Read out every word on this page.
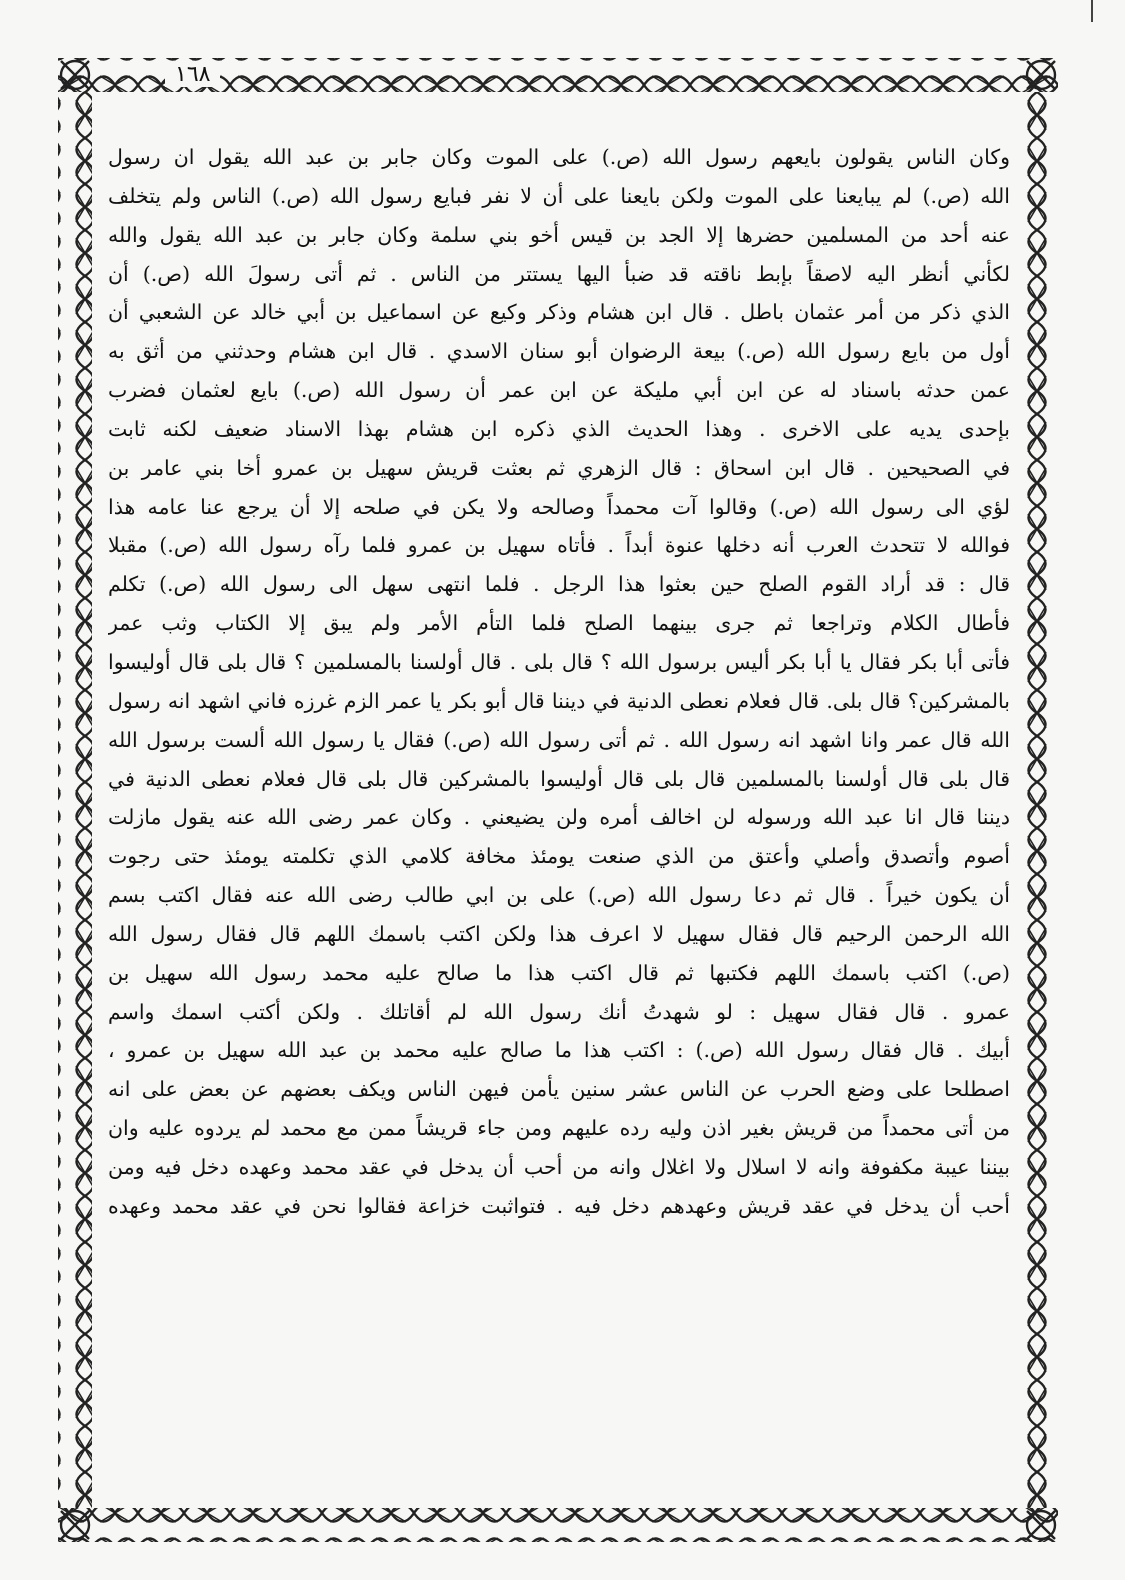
١٦٨
وكان الناس يقولون بايعهم رسول الله (ص.) على الموت وكان جابر بن عبد الله يقول ان رسول
الله (ص.) لم يبايعنا على الموت ولكن بايعنا على أن لا نفر فبايع رسول الله (ص.) الناس ولم يتخلف
عنه أحد من المسلمين حضرها إلا الجد بن قيس أخو بني سلمة وكان جابر بن عبد الله يقول والله
لكأني أنظر اليه لاصقاً بإبط ناقته قد ضبأ اليها يستتر من الناس . ثم أتى رسولَ الله (ص.) أن
الذي ذكر من أمر عثمان باطل . قال ابن هشام وذكر وكيع عن اسماعيل بن أبي خالد عن الشعبي أن
أول من بايع رسول الله (ص.) بيعة الرضوان أبو سنان الاسدي . قال ابن هشام وحدثني من أثق به
عمن حدثه باسناد له عن ابن أبي مليكة عن ابن عمر أن رسول الله (ص.) بايع لعثمان فضرب
بإحدى يديه على الاخرى . وهذا الحديث الذي ذكره ابن هشام بهذا الاسناد ضعيف لكنه ثابت
في الصحيحين . قال ابن اسحاق : قال الزهري ثم بعثت قريش سهيل بن عمرو أخا بني عامر بن
لؤي الى رسول الله (ص.) وقالوا آت محمداً وصالحه ولا يكن في صلحه إلا أن يرجع عنا عامه هذا
فوالله لا تتحدث العرب أنه دخلها عنوة أبداً . فأتاه سهيل بن عمرو فلما رآه رسول الله (ص.) مقبلا
قال : قد أراد القوم الصلح حين بعثوا هذا الرجل . فلما انتهى سهل الى رسول الله (ص.) تكلم
فأطال الكلام وتراجعا ثم جرى بينهما الصلح فلما التأم الأمر ولم يبق إلا الكتاب وثب عمر
فأتى أبا بكر فقال يا أبا بكر أليس برسول الله ؟ قال بلى . قال أولسنا بالمسلمين ؟ قال بلى قال أوليسوا
بالمشركين؟ قال بلى. قال فعلام نعطى الدنية في ديننا قال أبو بكر يا عمر الزم غرزه فاني اشهد انه رسول
الله قال عمر وانا اشهد انه رسول الله . ثم أتى رسول الله (ص.) فقال يا رسول الله ألست برسول الله
قال بلى قال أولسنا بالمسلمين قال بلى قال أوليسوا بالمشركين قال بلى قال فعلام نعطى الدنية في
ديننا قال انا عبد الله ورسوله لن اخالف أمره ولن يضيعني . وكان عمر رضى الله عنه يقول مازلت
أصوم وأتصدق وأصلي وأعتق من الذي صنعت يومئذ مخافة كلامي الذي تكلمته يومئذ حتى رجوت
أن يكون خيراً . قال ثم دعا رسول الله (ص.) على بن ابي طالب رضى الله عنه فقال اكتب بسم
الله الرحمن الرحيم قال فقال سهيل لا اعرف هذا ولكن اكتب باسمك اللهم قال فقال رسول الله
(ص.) اكتب باسمك اللهم فكتبها ثم قال اكتب هذا ما صالح عليه محمد رسول الله سهيل بن
عمرو . قال فقال سهيل : لو شهدتُ أنك رسول الله لم أقاتلك . ولكن أكتب اسمك واسم
أبيك . قال فقال رسول الله (ص.) : اكتب هذا ما صالح عليه محمد بن عبد الله سهيل بن عمرو ،
اصطلحا على وضع الحرب عن الناس عشر سنين يأمن فيهن الناس ويكف بعضهم عن بعض على انه
من أتى محمداً من قريش بغير اذن وليه رده عليهم ومن جاء قريشاً ممن مع محمد لم يردوه عليه وان
بيننا عيبة مكفوفة وانه لا اسلال ولا اغلال وانه من أحب أن يدخل في عقد محمد وعهده دخل فيه ومن
أحب أن يدخل في عقد قريش وعهدهم دخل فيه . فتواثبت خزاعة فقالوا نحن في عقد محمد وعهده
